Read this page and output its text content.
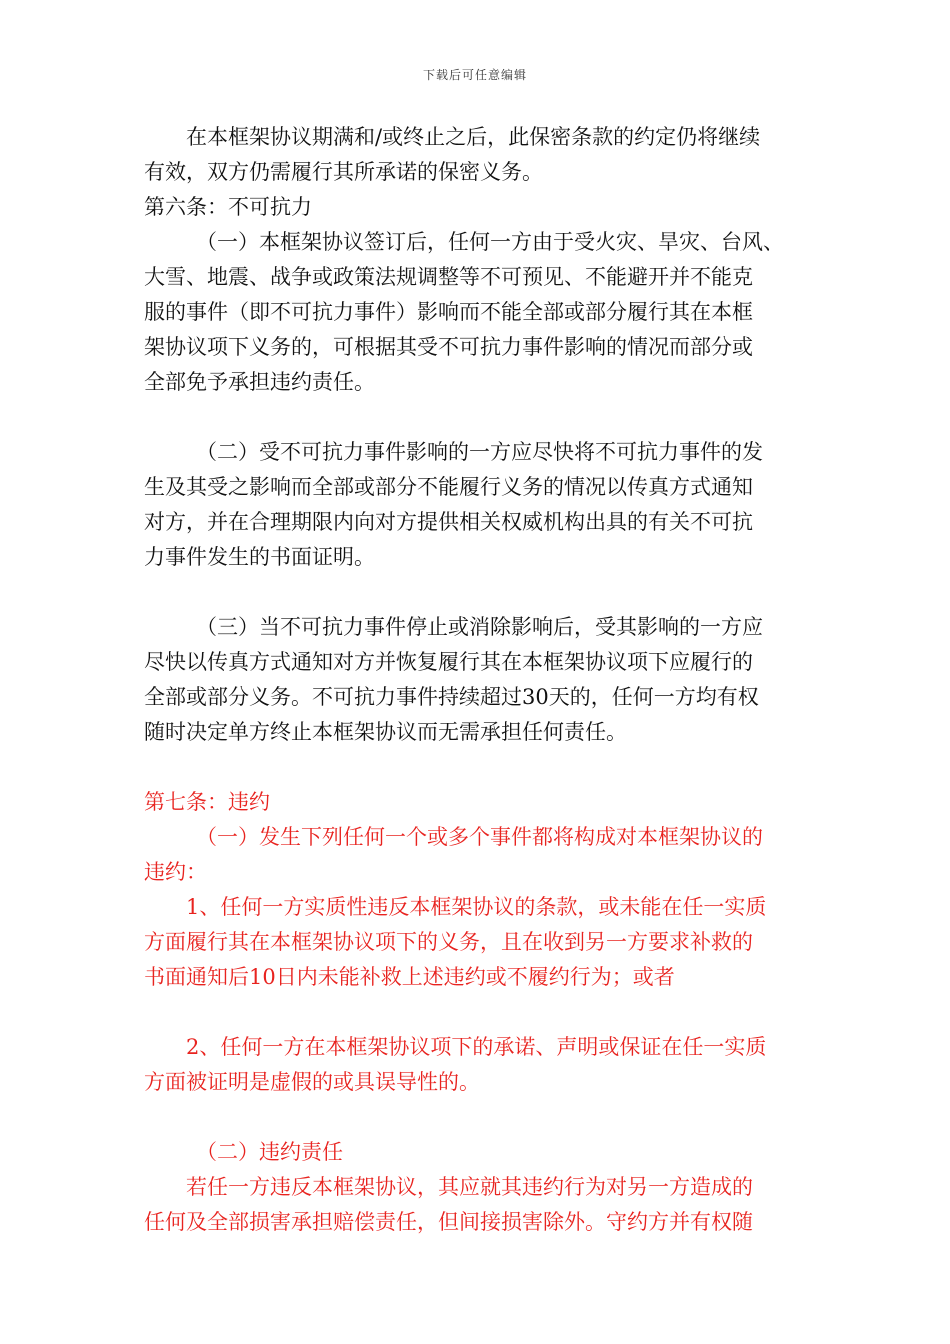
下载后可任意编辑

在本框架协议期满和/或终止之后，此保密条款的约定仍将继续

有效，双方仍需履行其所承诺的保密义务。

第六条：不可抗力

（一）本框架协议签订后，任何一方由于受火灾、旱灾、台风、

大雪、地震、战争或政策法规调整等不可预见、不能避开并不能克

服的事件（即不可抗力事件）影响而不能全部或部分履行其在本框

架协议项下义务的，可根据其受不可抗力事件影响的情况而部分或

全部免予承担违约责任。

（二）受不可抗力事件影响的一方应尽快将不可抗力事件的发

生及其受之影响而全部或部分不能履行义务的情况以传真方式通知

对方，并在合理期限内向对方提供相关权威机构出具的有关不可抗

力事件发生的书面证明。

（三）当不可抗力事件停止或消除影响后，受其影响的一方应

尽快以传真方式通知对方并恢复履行其在本框架协议项下应履行的

全部或部分义务。不可抗力事件持续超过30天的，任何一方均有权

随时决定单方终止本框架协议而无需承担任何责任。

第七条：违约

（一）发生下列任何一个或多个事件都将构成对本框架协议的

违约：

1、任何一方实质性违反本框架协议的条款，或未能在任一实质

方面履行其在本框架协议项下的义务，且在收到另一方要求补救的

书面通知后10日内未能补救上述违约或不履约行为；或者

2、任何一方在本框架协议项下的承诺、声明或保证在任一实质

方面被证明是虚假的或具误导性的。

（二）违约责任

若任一方违反本框架协议，其应就其违约行为对另一方造成的

任何及全部损害承担赔偿责任，但间接损害除外。守约方并有权随
